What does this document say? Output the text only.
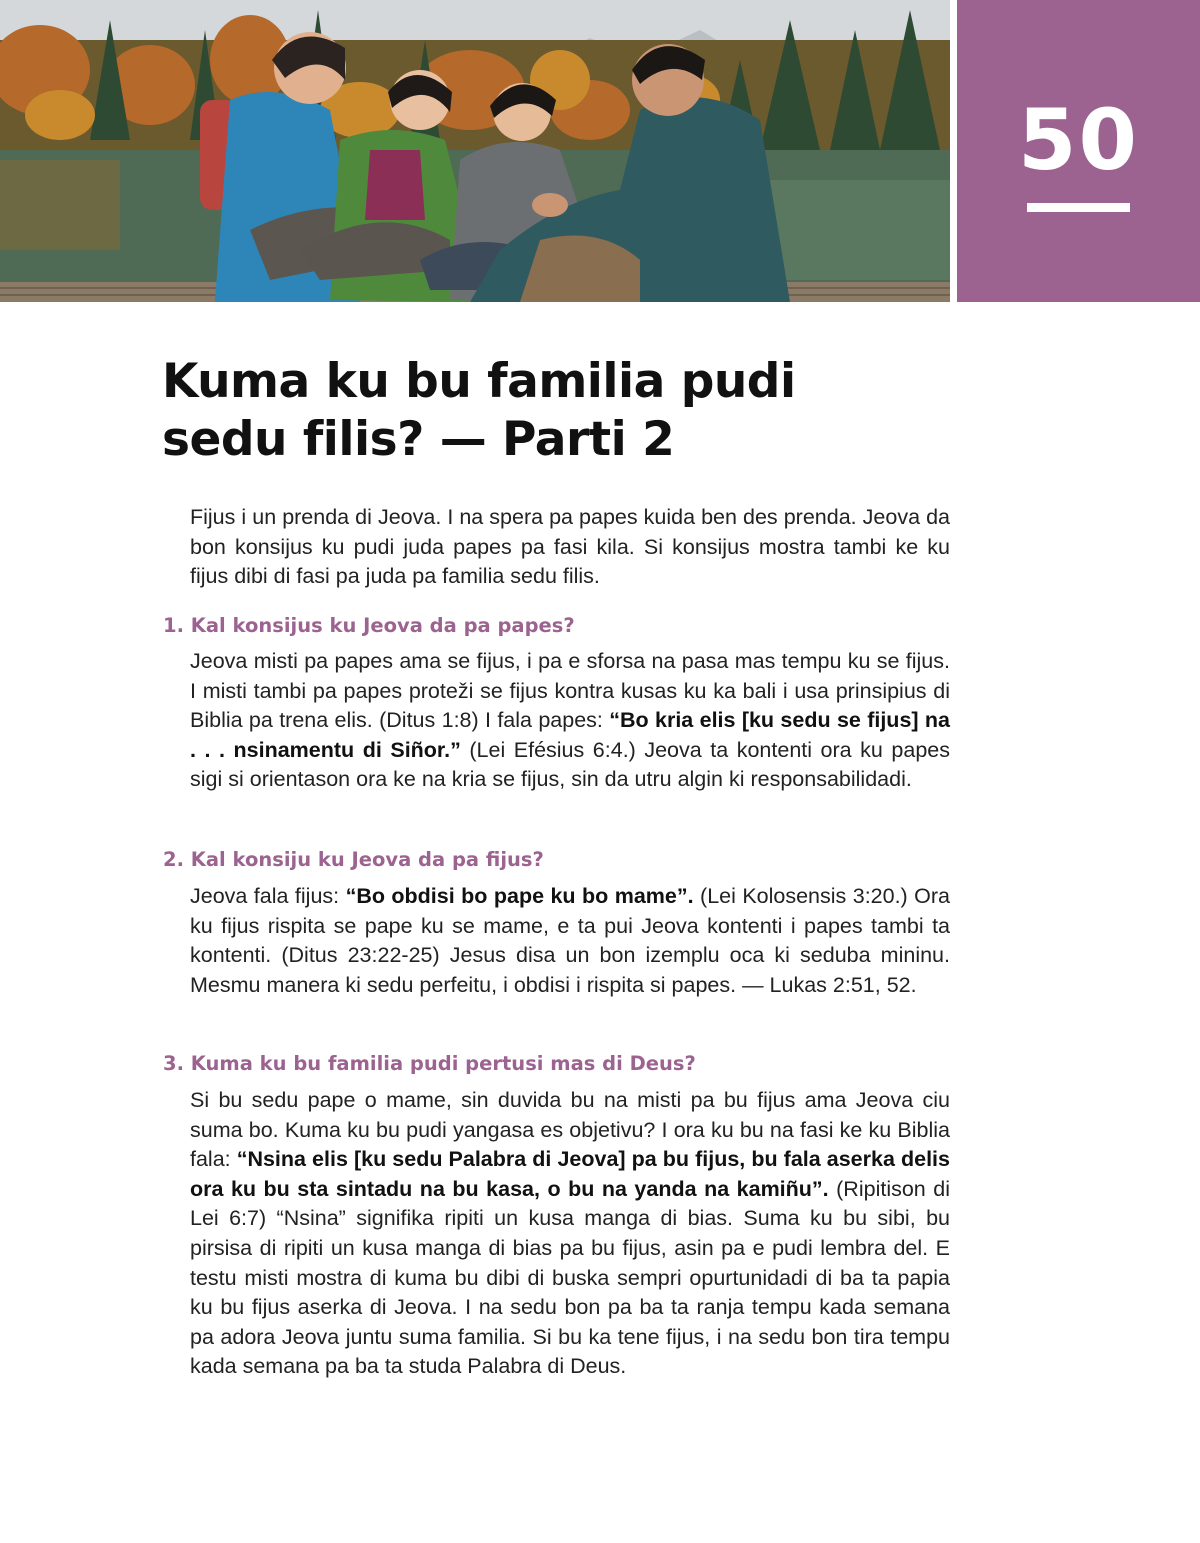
50
Kuma ku bu familia pudi
sedu filis? — Parti 2

Fijus i un prenda di Jeova. I na spera pa papes kuida ben des prenda. Jeova da bon konsijus ku pudi juda papes pa fasi kila. Si konsijus mostra tambi ke ku fijus dibi di fasi pa juda pa familia sedu filis.

1. Kal konsijus ku Jeova da pa papes?

Jeova misti pa papes ama se fijus, i pa e sforsa na pasa mas tempu ku se fijus. I misti tambi pa papes proteži se fijus kontra kusas ku ka bali i usa prinsipius di Biblia pa trena elis. (Ditus 1:8) I fala papes: “Bo kria elis [ku sedu se fijus] na . . . nsinamentu di Siñor.” (Lei Efésius 6:4.) Jeova ta kontenti ora ku papes sigi si orientason ora ke na kria se fijus, sin da utru algin ki responsabilidadi.

2. Kal konsiju ku Jeova da pa fijus?

Jeova fala fijus: “Bo obdisi bo pape ku bo mame”. (Lei Kolosensis 3:20.) Ora ku fijus rispita se pape ku se mame, e ta pui Jeova kontenti i papes tambi ta kontenti. (Ditus 23:22-25) Jesus disa un bon izemplu oca ki seduba mininu. Mesmu manera ki sedu perfeitu, i obdisi i rispita si papes. — Lukas 2:51, 52.

3. Kuma ku bu familia pudi pertusi mas di Deus?

Si bu sedu pape o mame, sin duvida bu na misti pa bu fijus ama Jeova ciu suma bo. Kuma ku bu pudi yangasa es objetivu? I ora ku bu na fasi ke ku Biblia fala: “Nsina elis [ku sedu Palabra di Jeova] pa bu fijus, bu fala aserka delis ora ku bu sta sintadu na bu kasa, o bu na yanda na kamiñu”. (Ripitison di Lei 6:7) “Nsina” signifika ripiti un kusa manga di bias. Suma ku bu sibi, bu pirsisa di ripiti un kusa manga di bias pa bu fijus, asin pa e pudi lembra del. E testu misti mostra di kuma bu dibi di buska sempri opurtunidadi di ba ta papia ku bu fijus aserka di Jeova. I na sedu bon pa ba ta ranja tempu kada semana pa adora Jeova juntu suma familia. Si bu ka tene fijus, i na sedu bon tira tempu kada semana pa ba ta studa Palabra di Deus.
